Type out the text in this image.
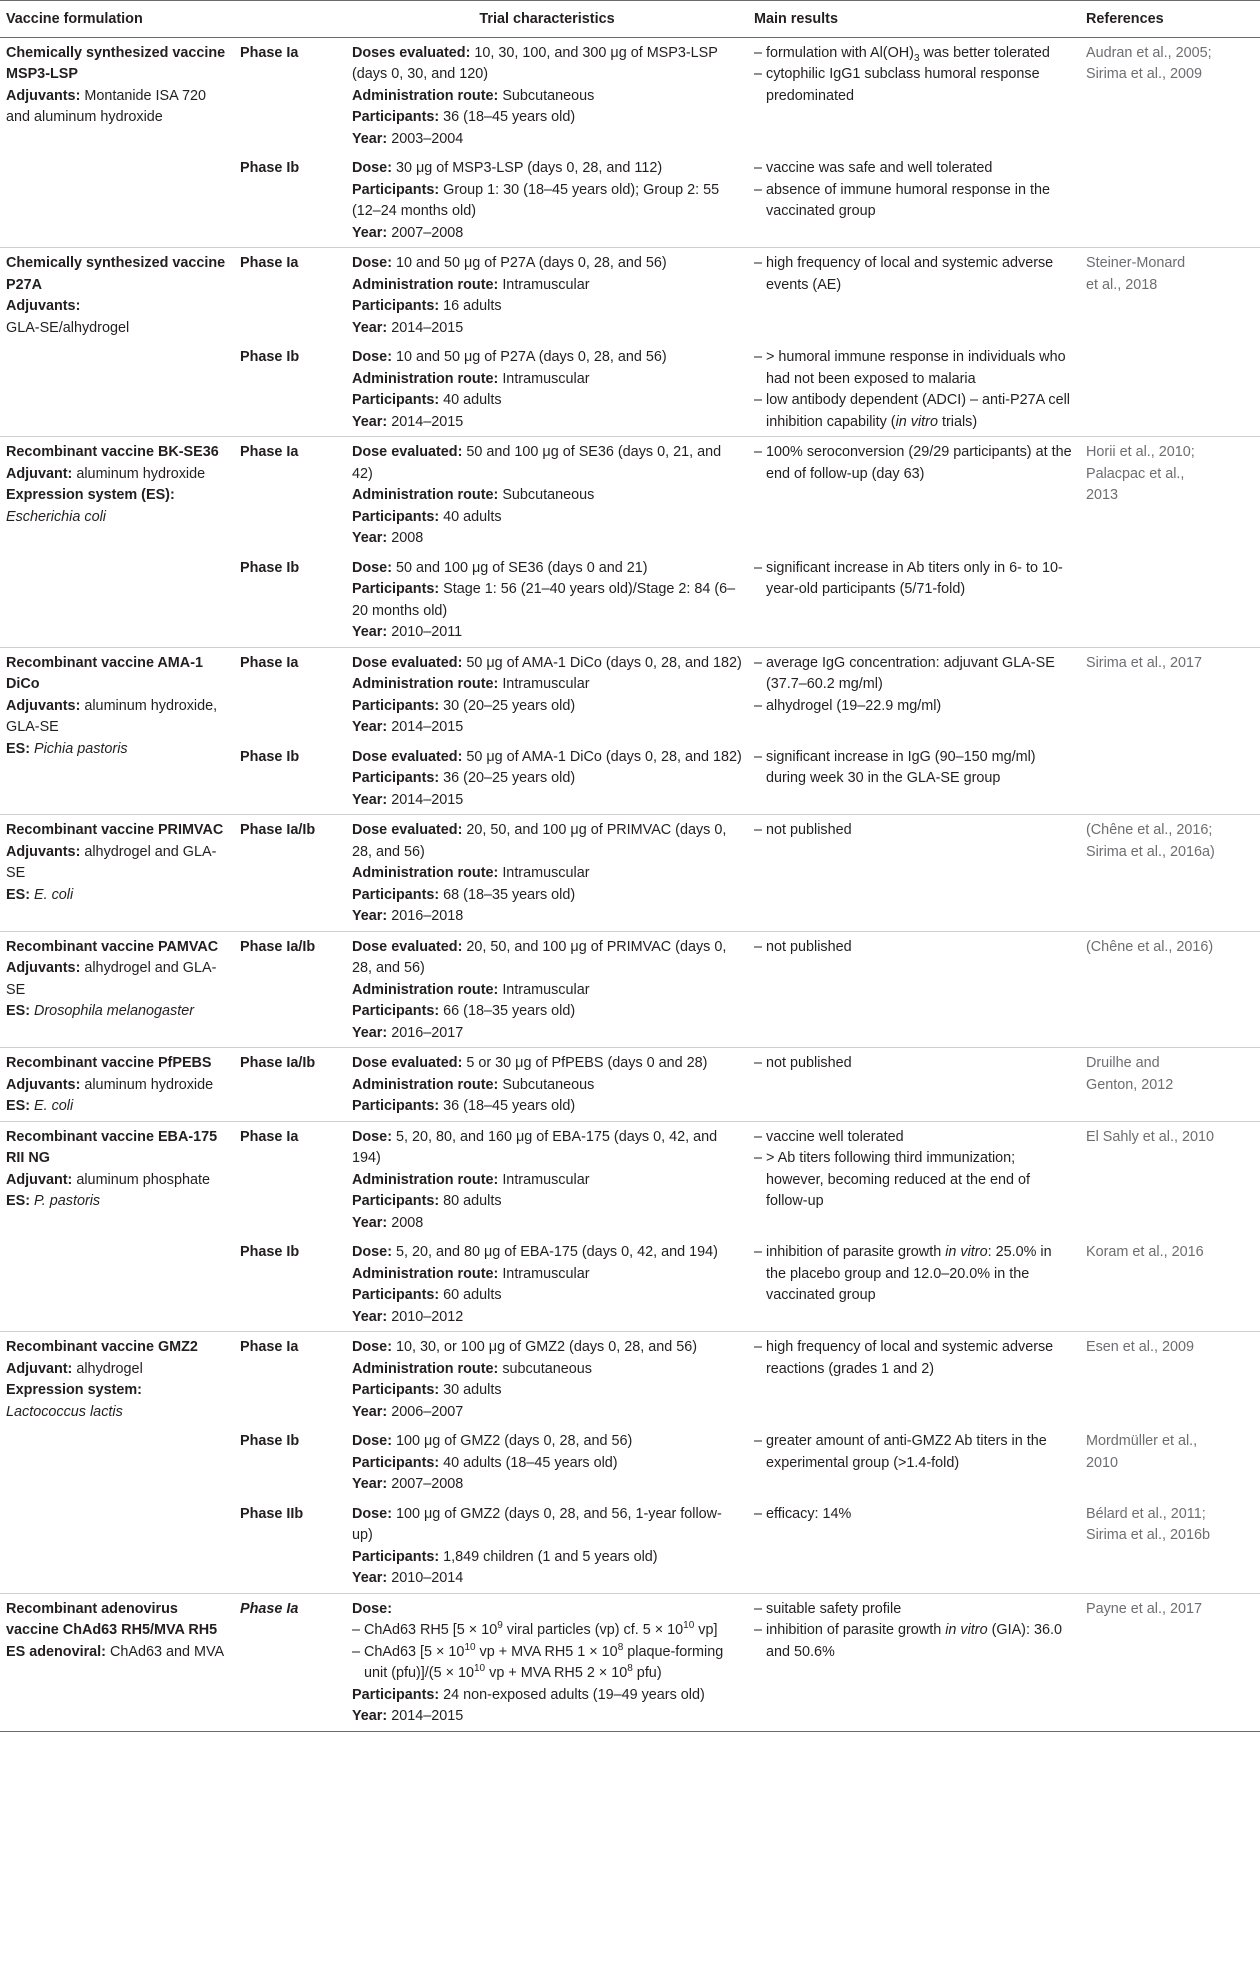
Vaccine formulation		Trial characteristics	Main results	References
Chemically synthesized vaccine MSP3-LSP
Adjuvants: Montanide ISA 720 and aluminum hydroxide	Phase Ia	Doses evaluated: 10, 30, 100, and 300 μg of MSP3-LSP (days 0, 30, and 120)
Administration route: Subcutaneous
Participants: 36 (18–45 years old)
Year: 2003–2004	– formulation with $Al(OH)_3$ was better tolerated
– cytophilic IgG1 subclass humoral response predominated	Audran et al., 2005;
Sirima et al., 2009

	Phase Ib	Dose: 30 μg of MSP3-LSP (days 0, 28, and 112)
Participants: Group 1: 30 (18–45 years old); Group 2: 55 (12–24 months old)
Year: 2007–2008	– vaccine was safe and well tolerated
– absence of immune humoral response in the vaccinated group	

Chemically synthesized vaccine P27A
Adjuvants:
GLA-SE/alhydrogel	Phase Ia	Dose: 10 and 50 μg of P27A (days 0, 28, and 56)
Administration route: Intramuscular
Participants: 16 adults
Year: 2014–2015	– high frequency of local and systemic adverse events (AE)	Steiner-Monard
et al., 2018

	Phase Ib	Dose: 10 and 50 μg of P27A (days 0, 28, and 56)
Administration route: Intramuscular
Participants: 40 adults
Year: 2014–2015	– > humoral immune response in individuals who had not been exposed to malaria
– low antibody dependent (ADCI) – anti-P27A cell inhibition capability (in vitro trials)	

Recombinant vaccine BK-SE36
Adjuvant: aluminum hydroxide
Expression system (ES):
Escherichia coli	Phase Ia	Dose evaluated: 50 and 100 μg of SE36 (days 0, 21, and 42)
Administration route: Subcutaneous
Participants: 40 adults
Year: 2008	– 100% seroconversion (29/29 participants) at the end of follow-up (day 63)	Horii et al., 2010;
Palacpac et al.,
2013

	Phase Ib	Dose: 50 and 100 μg of SE36 (days 0 and 21)
Participants: Stage 1: 56 (21–40 years old)/Stage 2: 84 (6–20 months old)
Year: 2010–2011	– significant increase in Ab titers only in 6- to 10-year-old participants (5/71-fold)	

Recombinant vaccine AMA-1 DiCo
Adjuvants: aluminum hydroxide, GLA-SE
ES: Pichia pastoris	Phase Ia	Dose evaluated: 50 μg of AMA-1 DiCo (days 0, 28, and 182)
Administration route: Intramuscular
Participants: 30 (20–25 years old)
Year: 2014–2015	– average IgG concentration: adjuvant GLA-SE (37.7–60.2 mg/ml)
– alhydrogel (19–22.9 mg/ml)	Sirima et al., 2017

	Phase Ib	Dose evaluated: 50 μg of AMA-1 DiCo (days 0, 28, and 182)
Participants: 36 (20–25 years old)
Year: 2014–2015	– significant increase in IgG (90–150 mg/ml) during week 30 in the GLA-SE group	

Recombinant vaccine PRIMVAC
Adjuvants: alhydrogel and GLA-SE
ES: E. coli	Phase Ia/Ib	Dose evaluated: 20, 50, and 100 μg of PRIMVAC (days 0, 28, and 56)
Administration route: Intramuscular
Participants: 68 (18–35 years old)
Year: 2016–2018	– not published	(Chêne et al., 2016;
Sirima et al., 2016a)

Recombinant vaccine PAMVAC
Adjuvants: alhydrogel and GLA-SE
ES: Drosophila melanogaster	Phase Ia/Ib	Dose evaluated: 20, 50, and 100 μg of PRIMVAC (days 0, 28, and 56)
Administration route: Intramuscular
Participants: 66 (18–35 years old)
Year: 2016–2017	– not published	(Chêne et al., 2016)

Recombinant vaccine PfPEBS
Adjuvants: aluminum hydroxide
ES: E. coli	Phase Ia/Ib	Dose evaluated: 5 or 30 μg of PfPEBS (days 0 and 28)
Administration route: Subcutaneous
Participants: 36 (18–45 years old)	– not published	Druilhe and
Genton, 2012

Recombinant vaccine EBA-175 RII NG
Adjuvant: aluminum phosphate
ES: P. pastoris	Phase Ia	Dose: 5, 20, 80, and 160 μg of EBA-175 (days 0, 42, and 194)
Administration route: Intramuscular
Participants: 80 adults
Year: 2008	– vaccine well tolerated
– > Ab titers following third immunization; however, becoming reduced at the end of follow-up	El Sahly et al., 2010

	Phase Ib	Dose: 5, 20, and 80 μg of EBA-175 (days 0, 42, and 194)
Administration route: Intramuscular
Participants: 60 adults
Year: 2010–2012	– inhibition of parasite growth in vitro: 25.0% in the placebo group and 12.0–20.0% in the vaccinated group	Koram et al., 2016

Recombinant vaccine GMZ2
Adjuvant: alhydrogel
Expression system:
Lactococcus lactis	Phase Ia	Dose: 10, 30, or 100 μg of GMZ2 (days 0, 28, and 56)
Administration route: subcutaneous
Participants: 30 adults
Year: 2006–2007	– high frequency of local and systemic adverse reactions (grades 1 and 2)	Esen et al., 2009

	Phase Ib	Dose: 100 μg of GMZ2 (days 0, 28, and 56)
Participants: 40 adults (18–45 years old)
Year: 2007–2008	– greater amount of anti-GMZ2 Ab titers in the experimental group (>1.4-fold)	Mordmüller et al.,
2010

	Phase IIb	Dose: 100 μg of GMZ2 (days 0, 28, and 56, 1-year follow-up)
Participants: 1,849 children (1 and 5 years old)
Year: 2010–2014	– efficacy: 14%	Bélard et al., 2011;
Sirima et al., 2016b

Recombinant adenovirus vaccine ChAd63 RH5/MVA RH5
ES adenoviral: ChAd63 and MVA	Phase Ia	Dose:
– ChAd63 RH5 [$5 \times 10^9$ viral particles (vp) cf. $5 \times 10^{10}$ vp]
– ChAd63 [$5 \times 10^{10}$ vp + MVA RH5 $1 \times 10^8$ plaque-forming unit $(pfu)]/(5 \times 10^{10}$ vp + MVA RH5 $2 \times 10^8$ pfu)
Participants: 24 non-exposed adults (19–49 years old)
Year: 2014–2015	– suitable safety profile
– inhibition of parasite growth in vitro (GIA): 36.0 and 50.6%	Payne et al., 2017
